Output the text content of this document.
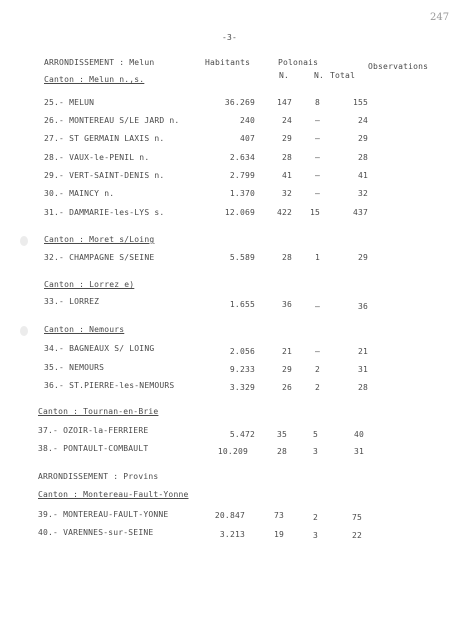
247
-3-
ARRONDISSEMENT : Melun	Habitants	Polonais	Observations
N.	N. Total
Canton : Melun n.,s.
25.- MELUN	36.269	147	8	155
26.- MONTEREAU S/LE JARD n.	240	24	–	24
27.- ST GERMAIN LAXIS n.	407	29	–	29
28.- VAUX-le-PENIL n.	2.634	28	–	28
29.- VERT-SAINT-DENIS n.	2.799	41	–	41
30.- MAINCY n.	1.370	32	–	32
31.- DAMMARIE-les-LYS s.	12.069	422	15	437
Canton : Moret s/Loing
32.- CHAMPAGNE S/SEINE	5.589	28	1	29
Canton : Lorrez e)
33.- LORREZ	1.655	36	–	36
Canton : Nemours
34.- BAGNEAUX S/ LOING	2.056	21	–	21
35.- NEMOURS	9.233	29	2	31
36.- ST.PIERRE-les-NEMOURS	3.329	26	2	28
Canton : Tournan-en-Brie
37.- OZOIR-la-FERRIERE	5.472	35	5	40
38.- PONTAULT-COMBAULT	10.209	28	3	31
ARRONDISSEMENT : Provins
Canton : Montereau-Fault-Yonne
39.- MONTEREAU-FAULT-YONNE	20.847	73	2	75
40.- VARENNES-sur-SEINE	3.213	19	3	22
